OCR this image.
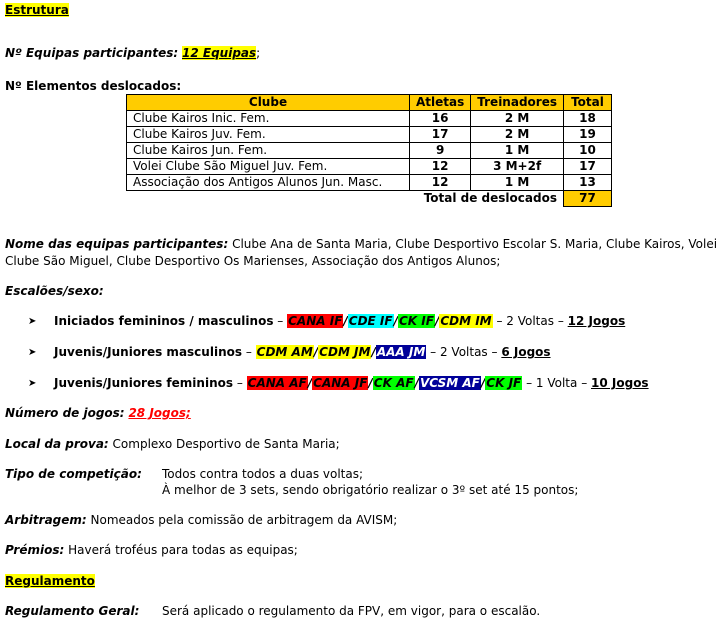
Estrutura
Nº Equipas participantes: 12 Equipas;
Nº Elementos deslocados:
Clube	Atletas	Treinadores	Total
Clube Kairos Inic. Fem.	16	2 M	18
Clube Kairos Juv. Fem.	17	2 M	19
Clube Kairos Jun. Fem.	9	1 M	10
Volei Clube São Miguel Juv. Fem.	12	3 M+2f	17
Associação dos Antigos Alunos Jun. Masc.	12	1 M	13
Total de deslocados			77
Nome das equipas participantes: Clube Ana de Santa Maria, Clube Desportivo Escolar S. Maria, Clube Kairos, Volei
Clube São Miguel, Clube Desportivo Os Marienses, Associação dos Antigos Alunos;
Escalões/sexo:
➤ Iniciados femininos / masculinos – CANA IF/CDE IF/CK IF/CDM IM – 2 Voltas – 12 Jogos
➤ Juvenis/Juniores masculinos – CDM AM/CDM JM/AAA JM – 2 Voltas – 6 Jogos
➤ Juvenis/Juniores femininos – CANA AF/CANA JF/CK AF/VCSM AF/CK JF – 1 Volta – 10 Jogos
Número de jogos: 28 Jogos;
Local da prova: Complexo Desportivo de Santa Maria;
Tipo de competição: Todos contra todos a duas voltas;
À melhor de 3 sets, sendo obrigatório realizar o 3º set até 15 pontos;
Arbitragem: Nomeados pela comissão de arbitragem da AVISM;
Prémios: Haverá troféus para todas as equipas;
Regulamento
Regulamento Geral: Será aplicado o regulamento da FPV, em vigor, para o escalão.
